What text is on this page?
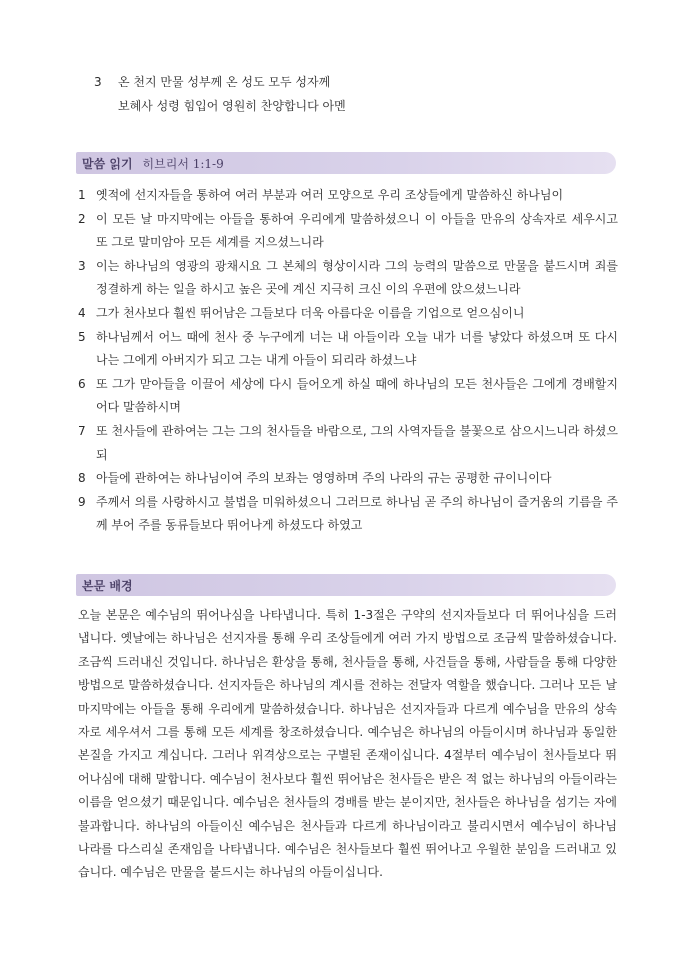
3	온 천지 만물 성부께 온 성도 모두 성자께
보혜사 성령 힘입어 영원히 찬양합니다 아멘
말씀 읽기 히브리서 1:1-9
1 옛적에 선지자들을 통하여 여러 부분과 여러 모양으로 우리 조상들에게 말씀하신 하나님이
2 이 모든 날 마지막에는 아들을 통하여 우리에게 말씀하셨으니 이 아들을 만유의 상속자로 세우시고 또 그로 말미암아 모든 세계를 지으셨느니라
3 이는 하나님의 영광의 광채시요 그 본체의 형상이시라 그의 능력의 말씀으로 만물을 붙드시며 죄를 정결하게 하는 일을 하시고 높은 곳에 계신 지극히 크신 이의 우편에 앉으셨느니라
4 그가 천사보다 훨씬 뛰어남은 그들보다 더욱 아름다운 이름을 기업으로 얻으심이니
5 하나님께서 어느 때에 천사 중 누구에게 너는 내 아들이라 오늘 내가 너를 낳았다 하셨으며 또 다시 나는 그에게 아버지가 되고 그는 내게 아들이 되리라 하셨느냐
6 또 그가 맏아들을 이끌어 세상에 다시 들어오게 하실 때에 하나님의 모든 천사들은 그에게 경배할지어다 말씀하시며
7 또 천사들에 관하여는 그는 그의 천사들을 바람으로, 그의 사역자들을 불꽃으로 삼으시느니라 하셨으되
8 아들에 관하여는 하나님이여 주의 보좌는 영영하며 주의 나라의 규는 공평한 규이니이다
9 주께서 의를 사랑하시고 불법을 미워하셨으니 그러므로 하나님 곧 주의 하나님이 즐거움의 기름을 주께 부어 주를 동류들보다 뛰어나게 하셨도다 하였고
본문 배경
오늘 본문은 예수님의 뛰어나심을 나타냅니다. 특히 1-3절은 구약의 선지자들보다 더 뛰어나심을 드러냅니다. 옛날에는 하나님은 선지자를 통해 우리 조상들에게 여러 가지 방법으로 조금씩 말씀하셨습니다. 조금씩 드러내신 것입니다. 하나님은 환상을 통해, 천사들을 통해, 사건들을 통해, 사람들을 통해 다양한 방법으로 말씀하셨습니다. 선지자들은 하나님의 계시를 전하는 전달자 역할을 했습니다. 그러나 모든 날 마지막에는 아들을 통해 우리에게 말씀하셨습니다. 하나님은 선지자들과 다르게 예수님을 만유의 상속자로 세우셔서 그를 통해 모든 세계를 창조하셨습니다. 예수님은 하나님의 아들이시며 하나님과 동일한 본질을 가지고 계십니다. 그러나 위격상으로는 구별된 존재이십니다. 4절부터 예수님이 천사들보다 뛰어나심에 대해 말합니다. 예수님이 천사보다 훨씬 뛰어남은 천사들은 받은 적 없는 하나님의 아들이라는 이름을 얻으셨기 때문입니다. 예수님은 천사들의 경배를 받는 분이지만, 천사들은 하나님을 섬기는 자에 불과합니다. 하나님의 아들이신 예수님은 천사들과 다르게 하나님이라고 불리시면서 예수님이 하나님 나라를 다스리실 존재임을 나타냅니다. 예수님은 천사들보다 훨씬 뛰어나고 우월한 분임을 드러내고 있습니다. 예수님은 만물을 붙드시는 하나님의 아들이십니다.
